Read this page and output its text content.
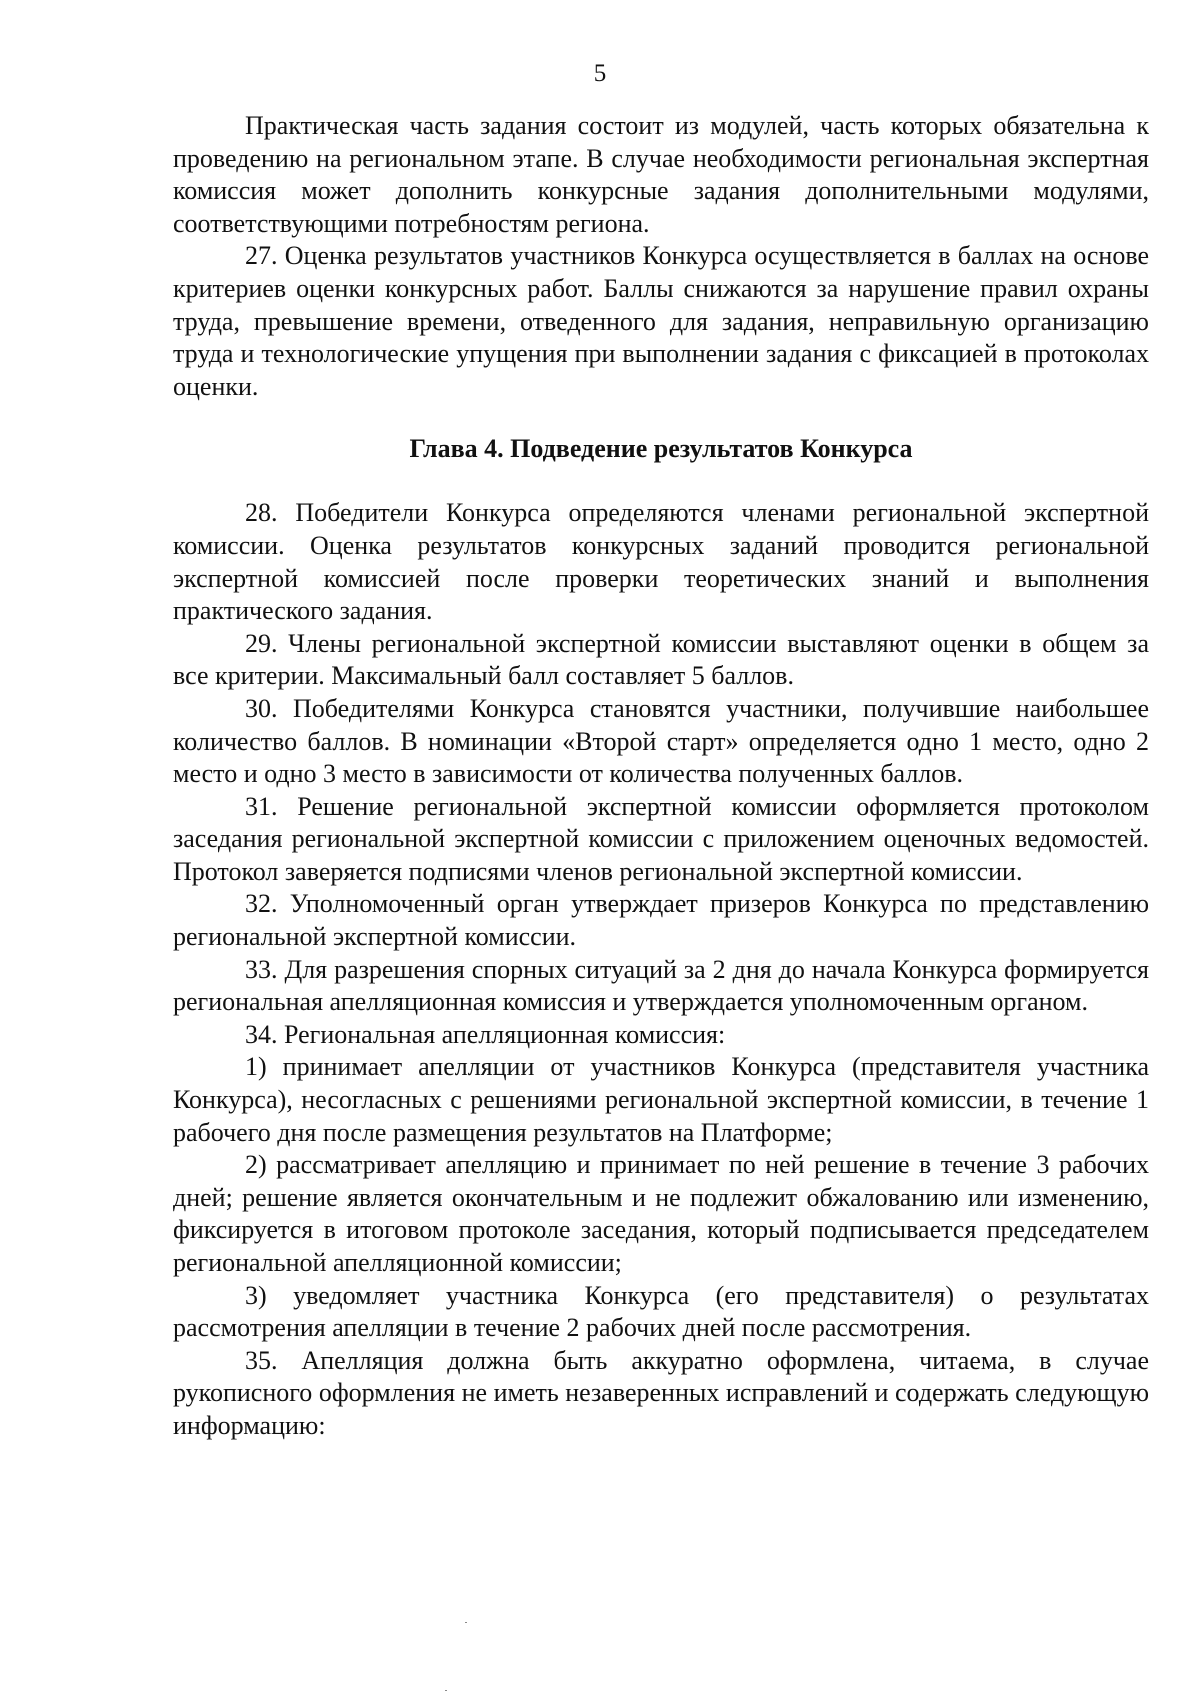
5

Практическая часть задания состоит из модулей, часть которых обязательна к проведению на региональном этапе. В случае необходимости региональная экспертная комиссия может дополнить конкурсные задания дополнительными модулями, соответствующими потребностям региона.

27. Оценка результатов участников Конкурса осуществляется в баллах на основе критериев оценки конкурсных работ. Баллы снижаются за нарушение правил охраны труда, превышение времени, отведенного для задания, неправильную организацию труда и технологические упущения при выполнении задания с фиксацией в протоколах оценки.

Глава 4. Подведение результатов Конкурса

28. Победители Конкурса определяются членами региональной экспертной комиссии. Оценка результатов конкурсных заданий проводится региональной экспертной комиссией после проверки теоретических знаний и выполнения практического задания.

29. Члены региональной экспертной комиссии выставляют оценки в общем за все критерии. Максимальный балл составляет 5 баллов.

30. Победителями Конкурса становятся участники, получившие наибольшее количество баллов. В номинации «Второй старт» определяется одно 1 место, одно 2 место и одно 3 место в зависимости от количества полученных баллов.

31. Решение региональной экспертной комиссии оформляется протоколом заседания региональной экспертной комиссии с приложением оценочных ведомостей. Протокол заверяется подписями членов региональной экспертной комиссии.

32. Уполномоченный орган утверждает призеров Конкурса по представлению региональной экспертной комиссии.

33. Для разрешения спорных ситуаций за 2 дня до начала Конкурса формируется региональная апелляционная комиссия и утверждается уполномоченным органом.

34. Региональная апелляционная комиссия:

1) принимает апелляции от участников Конкурса (представителя участника Конкурса), несогласных с решениями региональной экспертной комиссии, в течение 1 рабочего дня после размещения результатов на Платформе;

2) рассматривает апелляцию и принимает по ней решение в течение 3 рабочих дней; решение является окончательным и не подлежит обжалованию или изменению, фиксируется в итоговом протоколе заседания, который подписывается председателем региональной апелляционной комиссии;

3) уведомляет участника Конкурса (его представителя) о результатах рассмотрения апелляции в течение 2 рабочих дней после рассмотрения.

35. Апелляция должна быть аккуратно оформлена, читаема, в случае рукописного оформления не иметь незаверенных исправлений и содержать следующую информацию:
